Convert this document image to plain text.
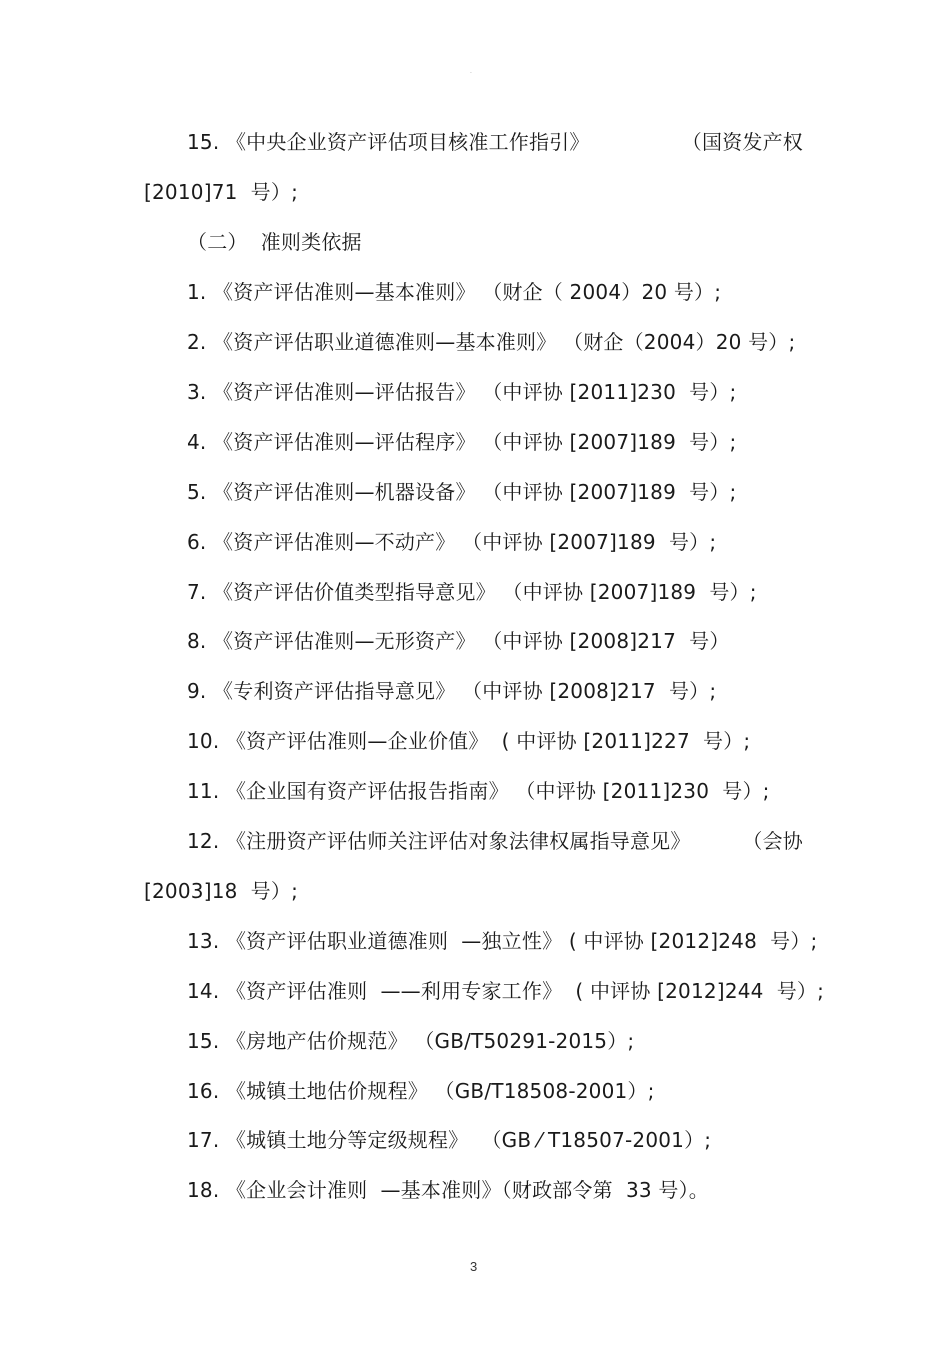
·
15. 《中央企业资产评估项目核准工作指引》	（国资发产权
[2010]71  号）;
（二）  准则类依据
1. 《资产评估准则—基本准则》 （财企（ 2004）20 号）;
2. 《资产评估职业道德准则—基本准则》 （财企（2004）20 号）;
3. 《资产评估准则—评估报告》 （中评协 [2011]230  号）;
4. 《资产评估准则—评估程序》 （中评协 [2007]189  号）;
5. 《资产评估准则—机器设备》 （中评协 [2007]189  号）;
6. 《资产评估准则—不动产》 （中评协 [2007]189  号）;
7. 《资产评估价值类型指导意见》 （中评协 [2007]189  号）;
8. 《资产评估准则—无形资产》 （中评协 [2008]217  号）
9. 《专利资产评估指导意见》 （中评协 [2008]217  号）;
10. 《资产评估准则—企业价值》  ( 中评协 [2011]227  号）;
11. 《企业国有资产评估报告指南》 （中评协 [2011]230  号）;
12. 《注册资产评估师关注评估对象法律权属指导意见》	（会协
[2003]18  号）;
13. 《资产评估职业道德准则  —独立性》 ( 中评协 [2012]248  号）;
14. 《资产评估准则  ——利用专家工作》  ( 中评协 [2012]244  号）;
15. 《房地产估价规范》 （GB/T50291-2015）;
16. 《城镇土地估价规程》 （GB/T18508-2001）;
17. 《城镇土地分等定级规程》  （GB ⁄ T18507-2001）;
18. 《企业会计准则  —基本准则》（财政部令第  33 号）。
3
